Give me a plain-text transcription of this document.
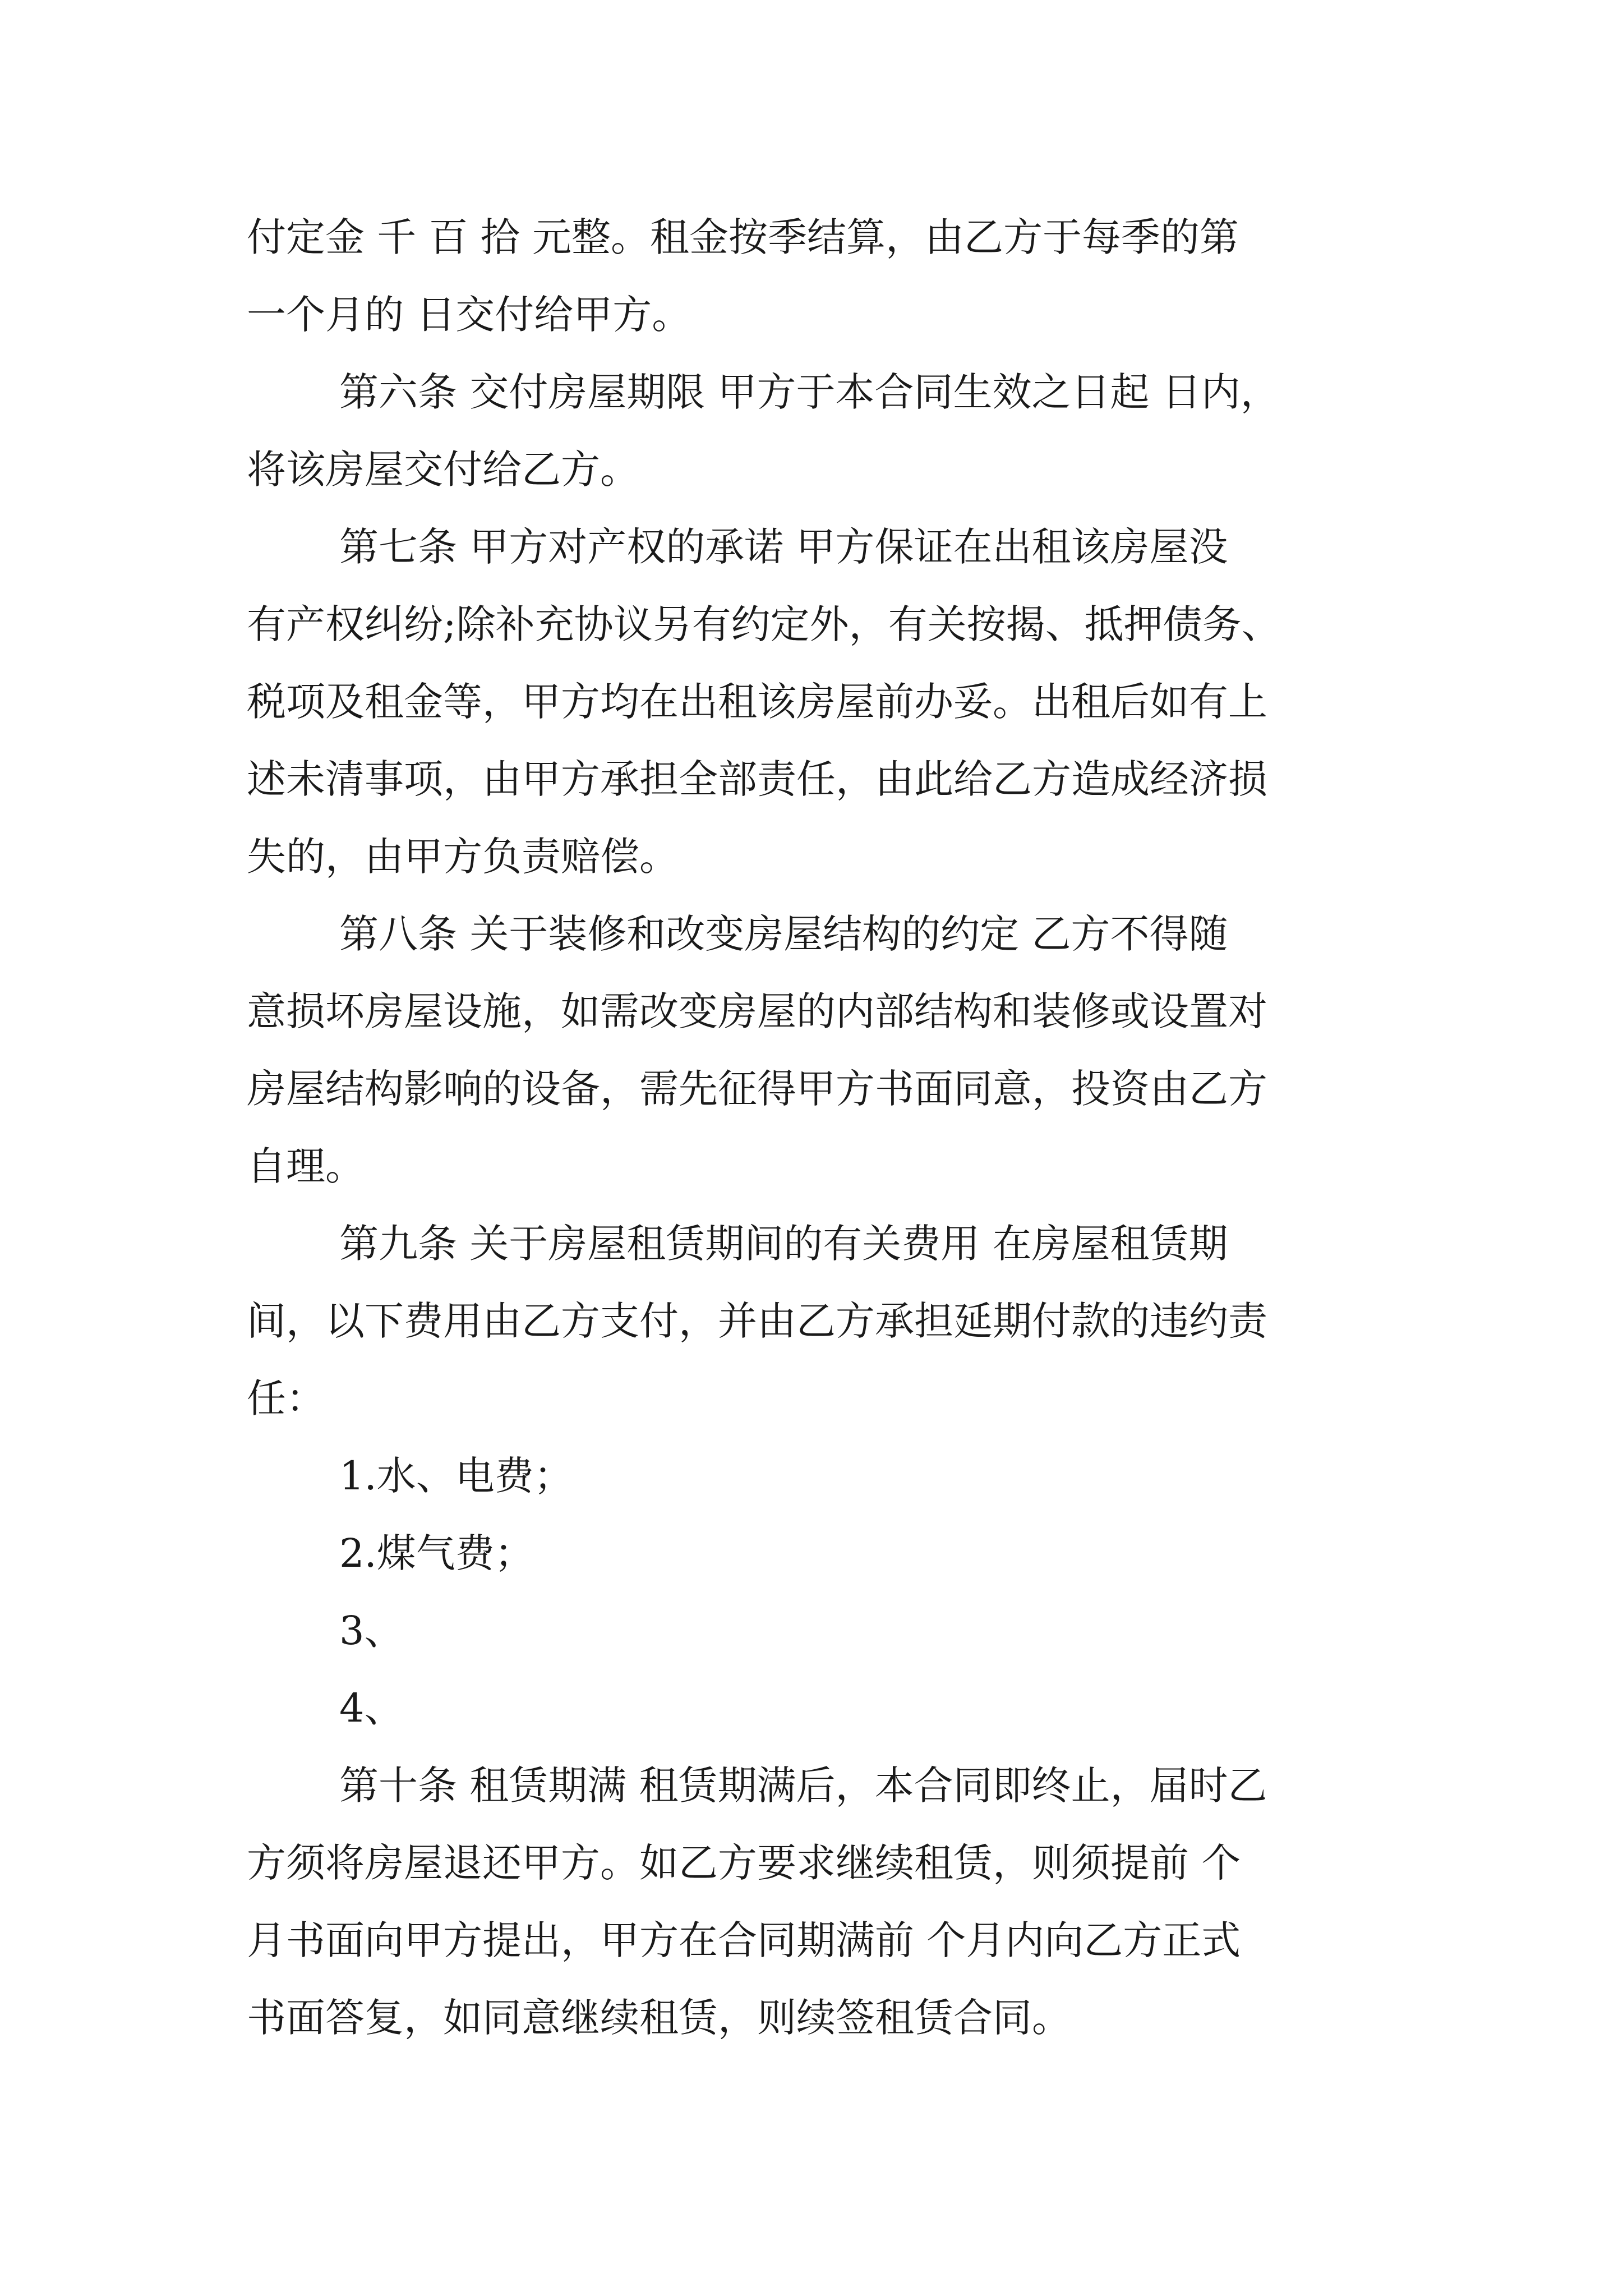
付定金 千 百 拾 元整。租金按季结算，由乙方于每季的第
一个月的 日交付给甲方。
第六条 交付房屋期限 甲方于本合同生效之日起 日内，
将该房屋交付给乙方。
第七条 甲方对产权的承诺 甲方保证在出租该房屋没
有产权纠纷;除补充协议另有约定外，有关按揭、抵押债务、
税项及租金等，甲方均在出租该房屋前办妥。出租后如有上
述未清事项，由甲方承担全部责任，由此给乙方造成经济损
失的，由甲方负责赔偿。
第八条 关于装修和改变房屋结构的约定 乙方不得随
意损坏房屋设施，如需改变房屋的内部结构和装修或设置对
房屋结构影响的设备，需先征得甲方书面同意，投资由乙方
自理。
第九条 关于房屋租赁期间的有关费用 在房屋租赁期
间，以下费用由乙方支付，并由乙方承担延期付款的违约责
任：
1.水、电费；
2.煤气费；
3、
4、
第十条 租赁期满 租赁期满后，本合同即终止，届时乙
方须将房屋退还甲方。如乙方要求继续租赁，则须提前 个
月书面向甲方提出，甲方在合同期满前 个月内向乙方正式
书面答复，如同意继续租赁，则续签租赁合同。
